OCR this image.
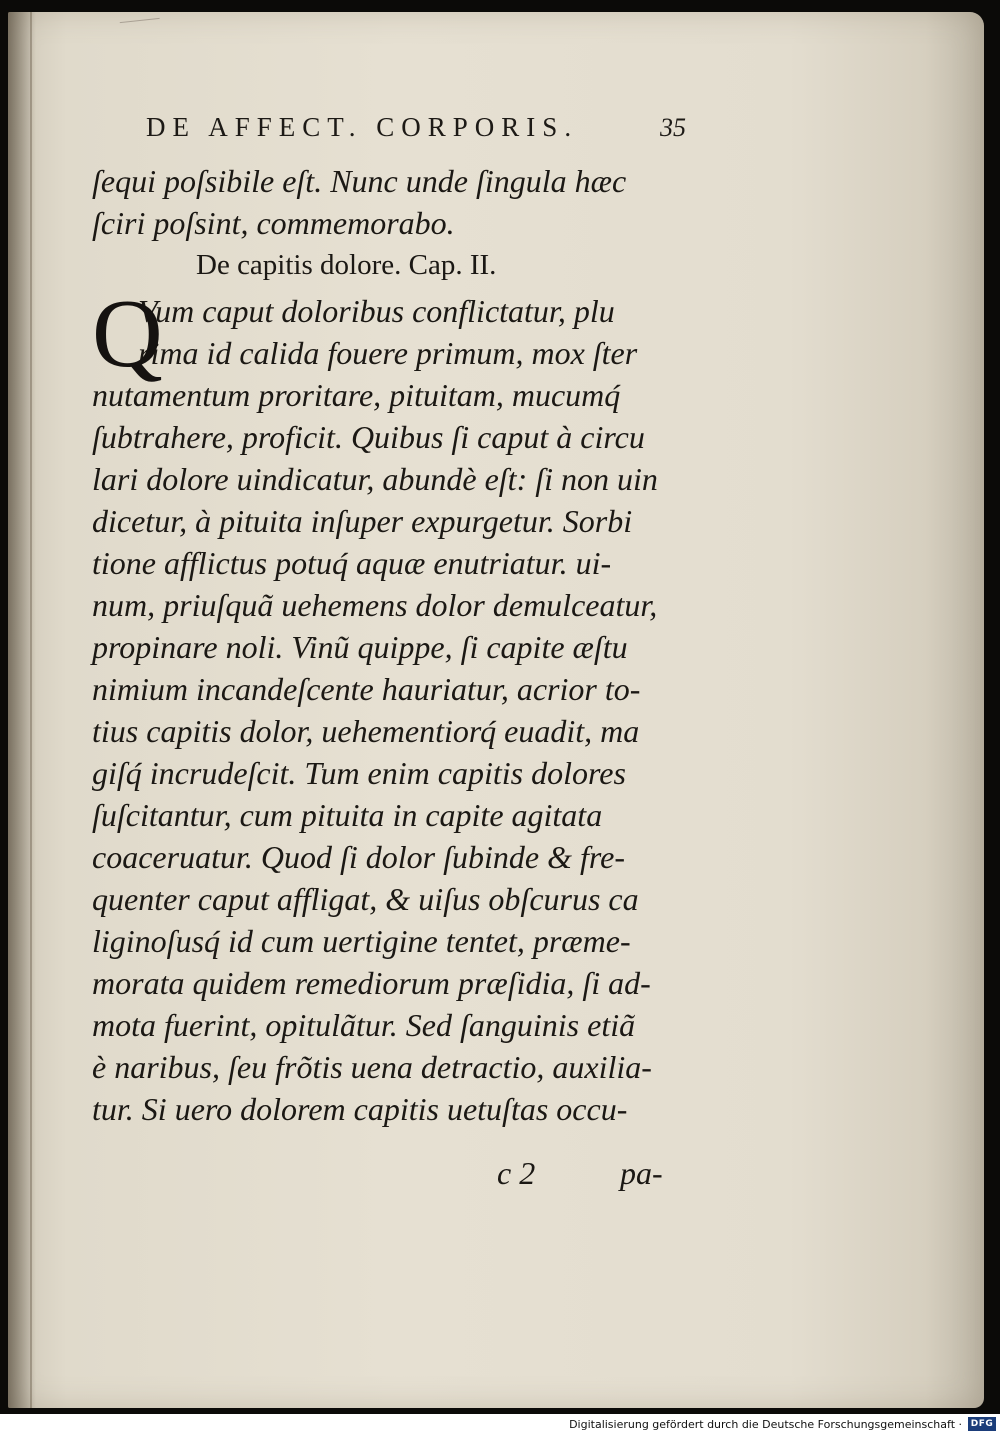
DE AFFECT. CORPORIS.	35
ſequi poſsibile eſt. Nunc unde ſingula hæc
ſciri poſsint, commemorabo.
De capitis dolore. Cap. II.
Q
Vum caput doloribus conflictatur, plu
rima id calida fouere primum, mox ſter
nutamentum proritare, pituitam, mucumq́
ſubtrahere, proficit. Quibus ſi caput à circu
lari dolore uindicatur, abundè eſt: ſi non uin
dicetur, à pituita inſuper expurgetur. Sorbi
tione afflictus potuq́ aquæ enutriatur. ui-
num, priuſquã uehemens dolor demulceatur,
propinare noli. Vinũ quippe, ſi capite æſtu
nimium incandeſcente hauriatur, acrior to-
tius capitis dolor, uehementiorq́ euadit, ma
giſq́ incrudeſcit. Tum enim capitis dolores
ſuſcitantur, cum pituita in capite agitata
coaceruatur. Quod ſi dolor ſubinde & fre-
quenter caput affligat, & uiſus obſcurus ca
liginoſusq́ id cum uertigine tentet, præme-
morata quidem remediorum præſidia, ſi ad-
mota fuerint, opitulãtur. Sed ſanguinis etiã
è naribus, ſeu frõtis uena detractio, auxilia-
tur. Si uero dolorem capitis uetuſtas occu-
c 2	pa-
Digitalisierung gefördert durch die Deutsche Forschungsgemeinschaft · DFG
